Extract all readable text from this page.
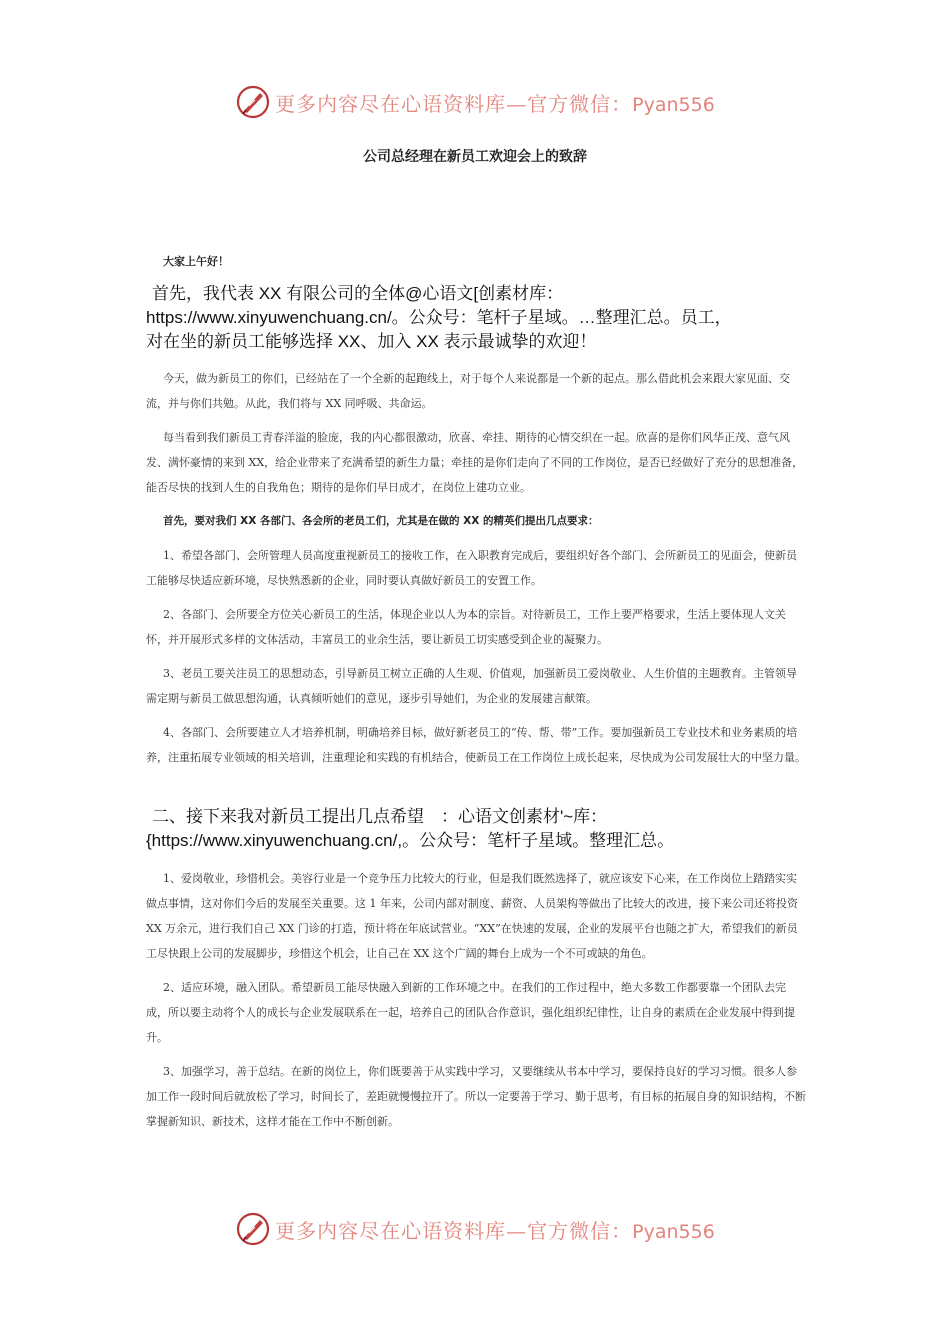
更多内容尽在心语资料库—官方微信：Pyan556
公司总经理在新员工欢迎会上的致辞
大家上午好！
首先，我代表 XX 有限公司的全体@心语文[创素材库：
https://www.xinyuwenchuang.cn/。公众号：笔杆子星域。…整理汇总。员工，
对在坐的新员工能够选择 XX、加入 XX 表示最诚挚的欢迎！

今天，做为新员工的你们，已经站在了一个全新的起跑线上，对于每个人来说都是一个新的起点。那么借此机会来跟大家见面、交流，并与你们共勉。从此，我们将与 XX 同呼吸、共命运。

每当看到我们新员工青春洋溢的脸庞，我的内心都很激动，欣喜、牵挂、期待的心情交织在一起。欣喜的是你们风华正茂、意气风发、满怀豪情的来到 XX，给企业带来了充满希望的新生力量；牵挂的是你们走向了不同的工作岗位，是否已经做好了充分的思想准备，能否尽快的找到人生的自我角色；期待的是你们早日成才，在岗位上建功立业。

首先，要对我们 XX 各部门、各会所的老员工们，尤其是在做的 XX 的精英们提出几点要求：

1、希望各部门、会所管理人员高度重视新员工的接收工作，在入职教育完成后，要组织好各个部门、会所新员工的见面会，使新员工能够尽快适应新环境，尽快熟悉新的企业，同时要认真做好新员工的安置工作。

2、各部门、会所要全方位关心新员工的生活，体现企业以人为本的宗旨。对待新员工，工作上要严格要求，生活上要体现人文关怀，并开展形式多样的文体活动，丰富员工的业余生活，要让新员工切实感受到企业的凝聚力。

3、老员工要关注员工的思想动态，引导新员工树立正确的人生观、价值观，加强新员工爱岗敬业、人生价值的主题教育。主管领导需定期与新员工做思想沟通，认真倾听她们的意见，逐步引导她们，为企业的发展建言献策。

4、各部门、会所要建立人才培养机制，明确培养目标，做好新老员工的“传、帮、带”工作。要加强新员工专业技术和业务素质的培养，注重拓展专业领域的相关培训，注重理论和实践的有机结合，使新员工在工作岗位上成长起来，尽快成为公司发展壮大的中坚力量。

二、接下来我对新员工提出几点希望　：心语文创素材'~库：
{https://www.xinyuwenchuang.cn/,。公众号：笔杆子星域。整理汇总。

1、爱岗敬业，珍惜机会。美容行业是一个竞争压力比较大的行业，但是我们既然选择了，就应该安下心来，在工作岗位上踏踏实实做点事情，这对你们今后的发展至关重要。这 1 年来，公司内部对制度、薪资、人员架构等做出了比较大的改进，接下来公司还将投资 XX 万余元，进行我们自己 XX 门诊的打造，预计将在年底试营业。“XX”在快速的发展，企业的发展平台也随之扩大，希望我们的新员工尽快跟上公司的发展脚步，珍惜这个机会，让自己在 XX 这个广阔的舞台上成为一个不可或缺的角色。

2、适应环境，融入团队。希望新员工能尽快融入到新的工作环境之中。在我们的工作过程中，绝大多数工作都要靠一个团队去完成，所以要主动将个人的成长与企业发展联系在一起，培养自己的团队合作意识，强化组织纪律性，让自身的素质在企业发展中得到提升。

3、加强学习，善于总结。在新的岗位上，你们既要善于从实践中学习，又要继续从书本中学习，要保持良好的学习习惯。很多人参加工作一段时间后就放松了学习，时间长了，差距就慢慢拉开了。所以一定要善于学习、勤于思考，有目标的拓展自身的知识结构，不断掌握新知识、新技术，这样才能在工作中不断创新。

更多内容尽在心语资料库—官方微信：Pyan556
